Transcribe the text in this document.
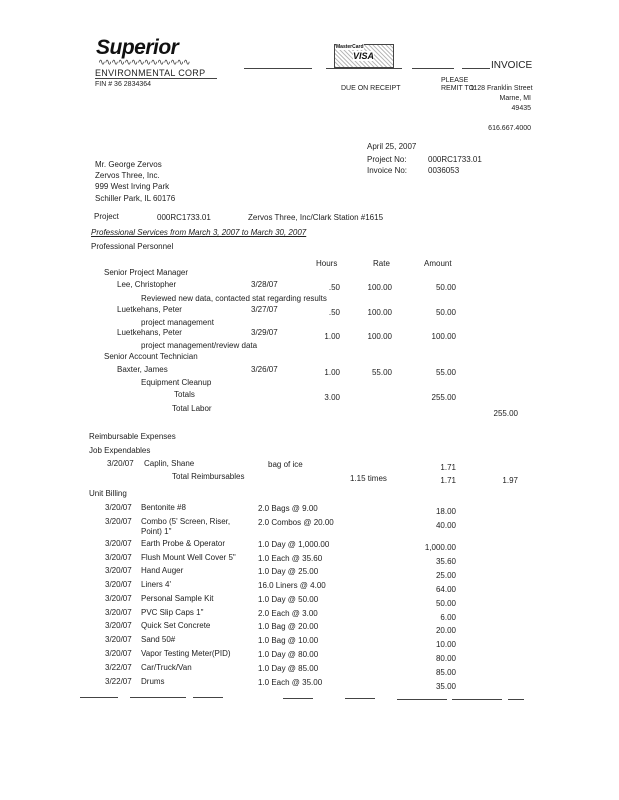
Superior
∿∿∿∿∿∿∿∿∿∿∿∿∿∿
ENVIRONMENTAL CORP
FIN # 36 2834364
VISA
MasterCard
INVOICE
DUE ON RECEIPT
PLEASE REMIT TO:
1128 Franklin Street
Marne, MI
49435
616.667.4000
April 25, 2007
Project No:	000RC1733.01
Invoice No:	0036053
Mr. George Zervos
Zervos Three, Inc.
999 West Irving Park
Schiller Park, IL 60176
Project	000RC1733.01	Zervos Three, Inc/Clark Station #1615
Professional Services from March 3, 2007 to March 30, 2007
Professional Personnel
Hours	Rate	Amount
Senior Project Manager
Lee, Christopher	3/28/07	.50	100.00	50.00
Reviewed new data, contacted stat regarding results
Luetkehans, Peter	3/27/07	.50	100.00	50.00
project management
Luetkehans, Peter	3/29/07	1.00	100.00	100.00
project management/review data
Senior Account Technician
Baxter, James	3/26/07	1.00	55.00	55.00
Equipment Cleanup
Totals	3.00	255.00
Total Labor
255.00
Reimbursable Expenses
Job Expendables
3/20/07 Caplin, Shane	bag of ice	1.71
Total Reimbursables	1.15 times	1.71	1.97
Unit Billing
3/20/07 Bentonite #8	2.0 Bags @ 9.00	18.00
3/20/07 Combo (5' Screen, Riser,
Point) 1"
2.0 Combos @ 20.00	40.00
3/20/07 Earth Probe & Operator	1.0 Day @ 1,000.00	1,000.00
3/20/07 Flush Mount Well Cover 5"	1.0 Each @ 35.60	35.60
3/20/07 Hand Auger	1.0 Day @ 25.00	25.00
3/20/07 Liners 4'	16.0 Liners @ 4.00	64.00
3/20/07 Personal Sample Kit	1.0 Day @ 50.00	50.00
3/20/07 PVC Slip Caps 1"	2.0 Each @ 3.00	6.00
3/20/07 Quick Set Concrete	1.0 Bag @ 20.00	20.00
3/20/07 Sand 50#	1.0 Bag @ 10.00	10.00
3/20/07 Vapor Testing Meter(PID)	1.0 Day @ 80.00	80.00
3/22/07 Car/Truck/Van	1.0 Day @ 85.00	85.00
3/22/07 Drums	1.0 Each @ 35.00	35.00
